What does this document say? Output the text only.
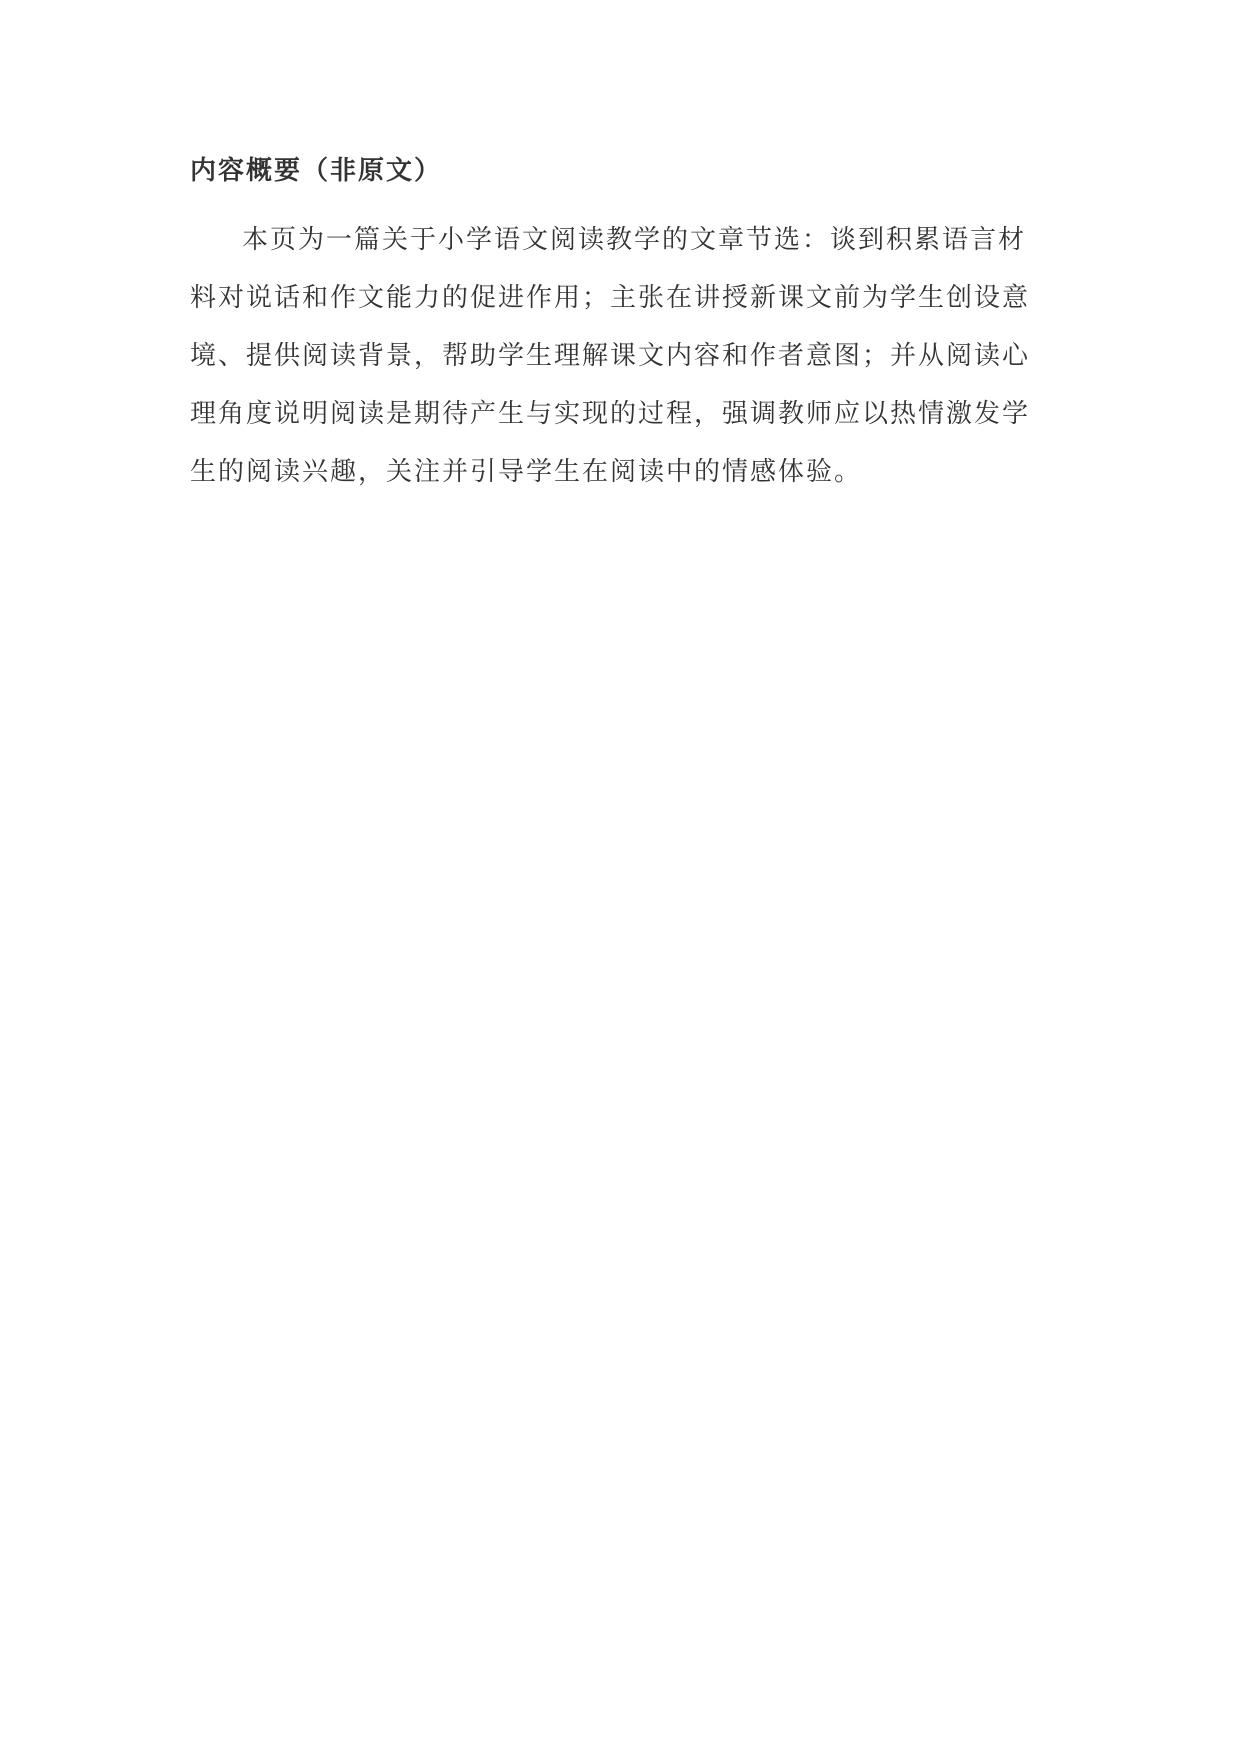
内容概要（非原文）

本页为一篇关于小学语文阅读教学的文章节选：谈到积累语言材料对说话和作文能力的促进作用；主张在讲授新课文前为学生创设意境、提供阅读背景，帮助学生理解课文内容和作者意图；并从阅读心理角度说明阅读是期待产生与实现的过程，强调教师应以热情激发学生的阅读兴趣，关注并引导学生在阅读中的情感体验。
